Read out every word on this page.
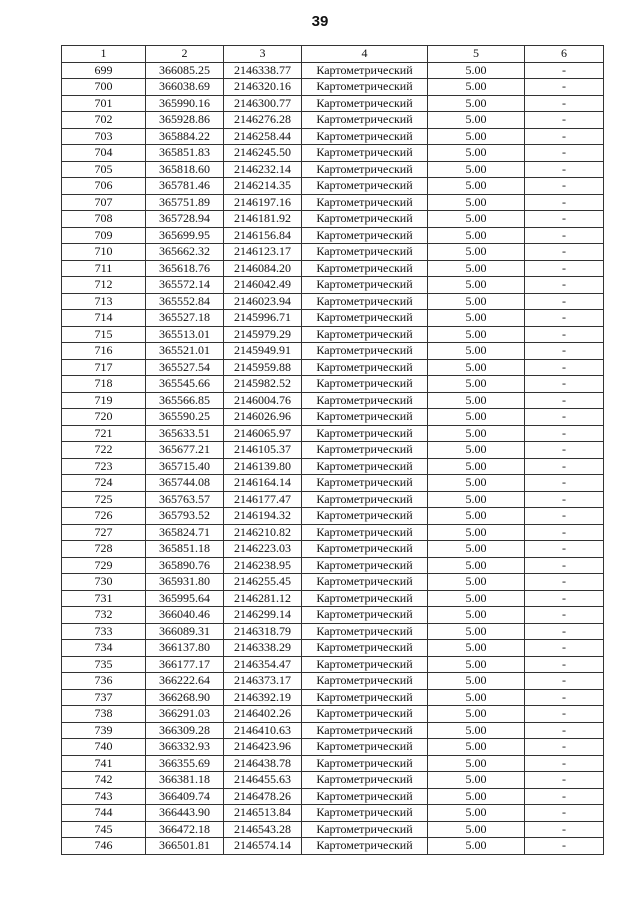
39
1	2	3	4	5	6
699	366085.25	2146338.77	Картометрический	5.00	-
700	366038.69	2146320.16	Картометрический	5.00	-
701	365990.16	2146300.77	Картометрический	5.00	-
702	365928.86	2146276.28	Картометрический	5.00	-
703	365884.22	2146258.44	Картометрический	5.00	-
704	365851.83	2146245.50	Картометрический	5.00	-
705	365818.60	2146232.14	Картометрический	5.00	-
706	365781.46	2146214.35	Картометрический	5.00	-
707	365751.89	2146197.16	Картометрический	5.00	-
708	365728.94	2146181.92	Картометрический	5.00	-
709	365699.95	2146156.84	Картометрический	5.00	-
710	365662.32	2146123.17	Картометрический	5.00	-
711	365618.76	2146084.20	Картометрический	5.00	-
712	365572.14	2146042.49	Картометрический	5.00	-
713	365552.84	2146023.94	Картометрический	5.00	-
714	365527.18	2145996.71	Картометрический	5.00	-
715	365513.01	2145979.29	Картометрический	5.00	-
716	365521.01	2145949.91	Картометрический	5.00	-
717	365527.54	2145959.88	Картометрический	5.00	-
718	365545.66	2145982.52	Картометрический	5.00	-
719	365566.85	2146004.76	Картометрический	5.00	-
720	365590.25	2146026.96	Картометрический	5.00	-
721	365633.51	2146065.97	Картометрический	5.00	-
722	365677.21	2146105.37	Картометрический	5.00	-
723	365715.40	2146139.80	Картометрический	5.00	-
724	365744.08	2146164.14	Картометрический	5.00	-
725	365763.57	2146177.47	Картометрический	5.00	-
726	365793.52	2146194.32	Картометрический	5.00	-
727	365824.71	2146210.82	Картометрический	5.00	-
728	365851.18	2146223.03	Картометрический	5.00	-
729	365890.76	2146238.95	Картометрический	5.00	-
730	365931.80	2146255.45	Картометрический	5.00	-
731	365995.64	2146281.12	Картометрический	5.00	-
732	366040.46	2146299.14	Картометрический	5.00	-
733	366089.31	2146318.79	Картометрический	5.00	-
734	366137.80	2146338.29	Картометрический	5.00	-
735	366177.17	2146354.47	Картометрический	5.00	-
736	366222.64	2146373.17	Картометрический	5.00	-
737	366268.90	2146392.19	Картометрический	5.00	-
738	366291.03	2146402.26	Картометрический	5.00	-
739	366309.28	2146410.63	Картометрический	5.00	-
740	366332.93	2146423.96	Картометрический	5.00	-
741	366355.69	2146438.78	Картометрический	5.00	-
742	366381.18	2146455.63	Картометрический	5.00	-
743	366409.74	2146478.26	Картометрический	5.00	-
744	366443.90	2146513.84	Картометрический	5.00	-
745	366472.18	2146543.28	Картометрический	5.00	-
746	366501.81	2146574.14	Картометрический	5.00	-
